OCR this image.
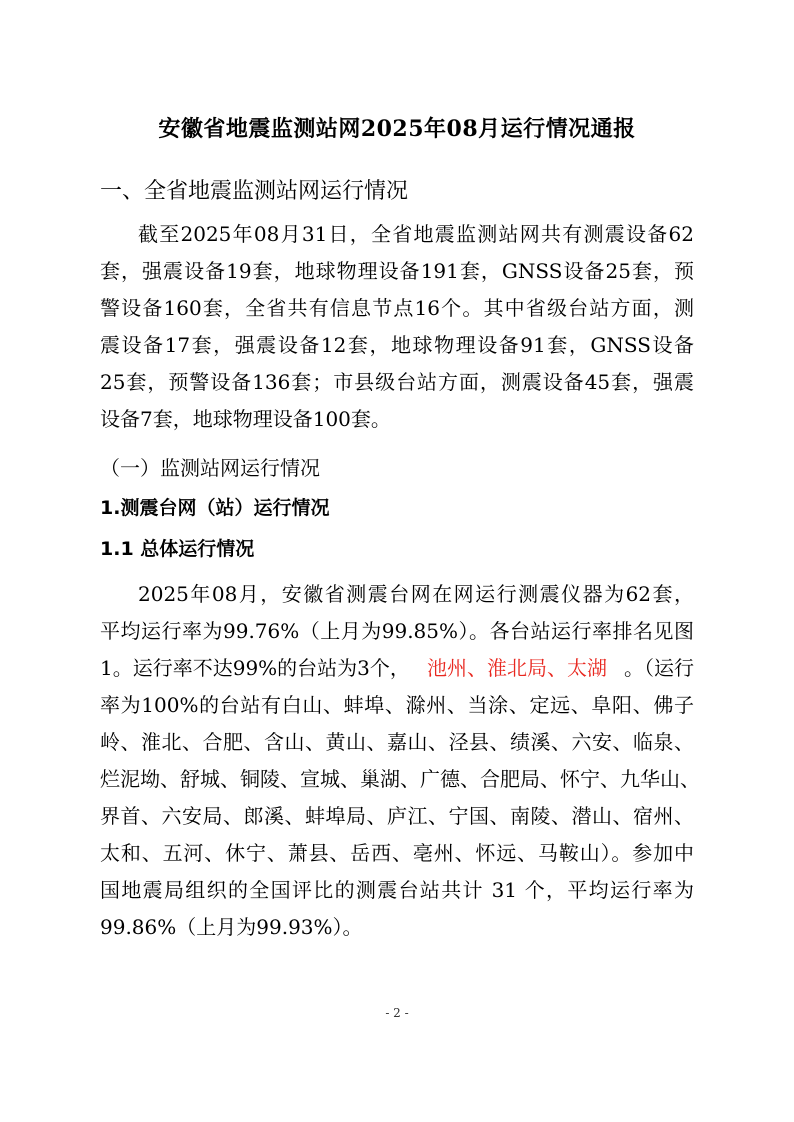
安徽省地震监测站网2025年08月运行情况通报
一、全省地震监测站网运行情况
截至2025年08月31日，全省地震监测站网共有测震设备62
套，强震设备19套，地球物理设备191套，GNSS设备25套，预
警设备160套，全省共有信息节点16个。其中省级台站方面，测
震设备17套，强震设备12套，地球物理设备91套，GNSS设备
25套，预警设备136套；市县级台站方面，测震设备45套，强震
设备7套，地球物理设备100套。
（一）监测站网运行情况
1.测震台网（站）运行情况
1.1 总体运行情况
2025年08月，安徽省测震台网在网运行测震仪器为62套，
平均运行率为99.76%（上月为99.85%）。各台站运行率排名见图
1。运行率不达99%的台站为3个， 池州、淮北局、太湖 。（运行
率为100%的台站有白山、蚌埠、滁州、当涂、定远、阜阳、佛子
岭、淮北、合肥、含山、黄山、嘉山、泾县、绩溪、六安、临泉、
烂泥坳、舒城、铜陵、宣城、巢湖、广德、合肥局、怀宁、九华山、
界首、六安局、郎溪、蚌埠局、庐江、宁国、南陵、潜山、宿州、
太和、五河、休宁、萧县、岳西、亳州、怀远、马鞍山）。参加中
国地震局组织的全国评比的测震台站共计 31 个，平均运行率为
99.86%（上月为99.93%）。
- 2 -
